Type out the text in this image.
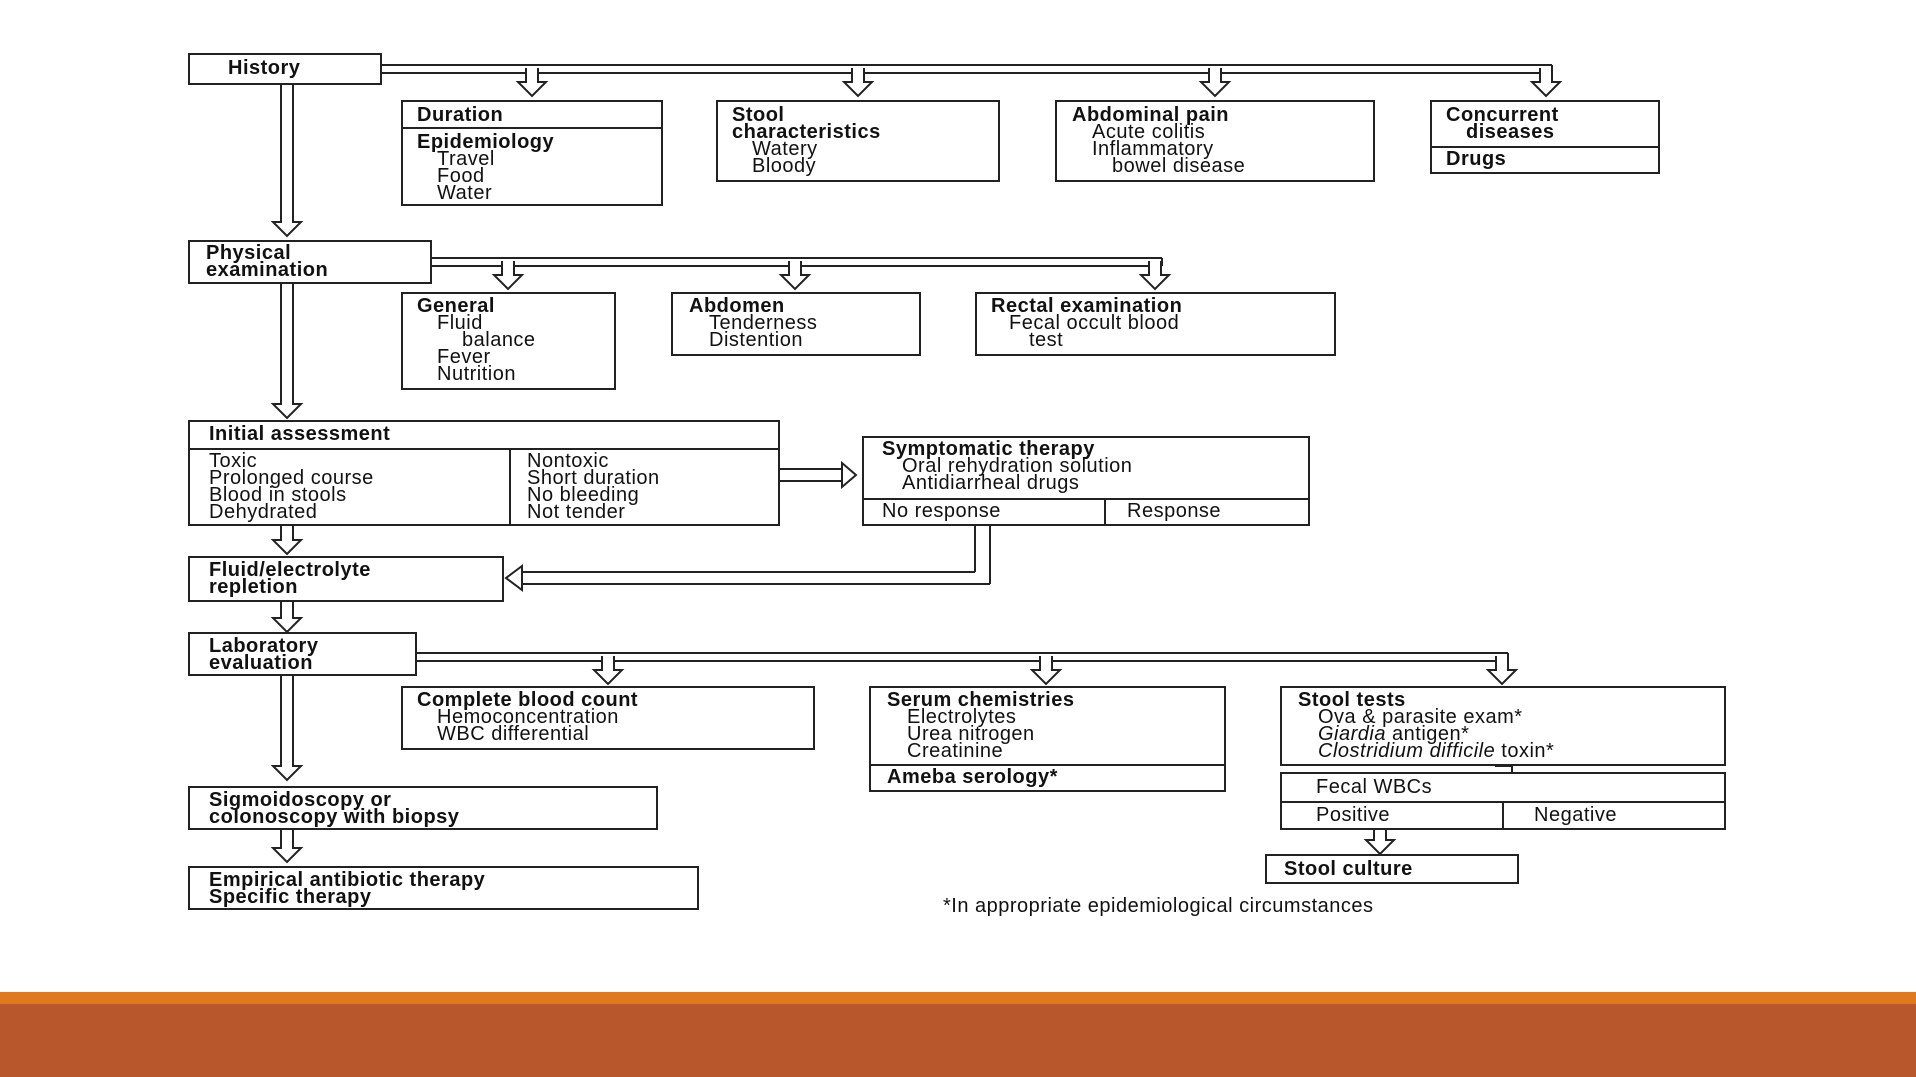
History
Duration
Epidemiology
Travel
Food
Water
Stool
characteristics
Watery
Bloody
Abdominal pain
Acute colitis
Inflammatory
bowel disease
Concurrent
diseases
Drugs
Physical
examination
General
Fluid
balance
Fever
Nutrition
Abdomen
Tenderness
Distention
Rectal examination
Fecal occult blood
test
Initial assessment
Toxic
Prolonged course
Blood in stools
Dehydrated
Nontoxic
Short duration
No bleeding
Not tender
Symptomatic therapy
Oral rehydration solution
Antidiarrheal drugs
No response	Response
Fluid/electrolyte
repletion
Laboratory
evaluation
Complete blood count
Hemoconcentration
WBC differential
Serum chemistries
Electrolytes
Urea nitrogen
Creatinine
Ameba serology*
Stool tests
Ova & parasite exam*
Giardia antigen*
Clostridium difficile toxin*
Fecal WBCs
Positive	Negative
Stool culture
Sigmoidoscopy or
colonoscopy with biopsy
Empirical antibiotic therapy
Specific therapy	*In appropriate epidemiological circumstances
